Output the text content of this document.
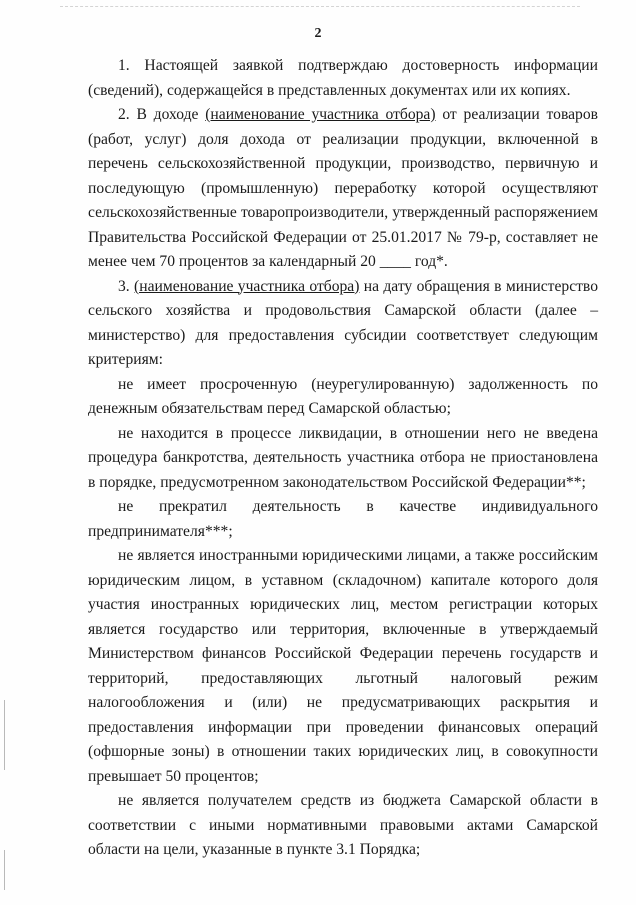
2

1. Настоящей заявкой подтверждаю достоверность информации (сведений), содержащейся в представленных документах или их копиях.

2. В доходе (наименование участника отбора) от реализации товаров (работ, услуг) доля дохода от реализации продукции, включенной в перечень сельскохозяйственной продукции, производство, первичную и последующую (промышленную) переработку которой осуществляют сельскохозяйственные товаропроизводители, утвержденный распоряжением Правительства Российской Федерации от 25.01.2017 № 79-р, составляет не менее чем 70 процентов за календарный 20 ____ год*.

3. (наименование участника отбора) на дату обращения в министерство сельского хозяйства и продовольствия Самарской области (далее – министерство) для предоставления субсидии соответствует следующим критериям:

не имеет просроченную (неурегулированную) задолженность по денежным обязательствам перед Самарской областью;

не находится в процессе ликвидации, в отношении него не введена процедура банкротства, деятельность участника отбора не приостановлена в порядке, предусмотренном законодательством Российской Федерации**;

не прекратил деятельность в качестве индивидуального предпринимателя***;

не является иностранными юридическими лицами, а также российским юридическим лицом, в уставном (складочном) капитале которого доля участия иностранных юридических лиц, местом регистрации которых является государство или территория, включенные в утверждаемый Министерством финансов Российской Федерации перечень государств и территорий, предоставляющих льготный налоговый режим налогообложения и (или) не предусматривающих раскрытия и предоставления информации при проведении финансовых операций (офшорные зоны) в отношении таких юридических лиц, в совокупности превышает 50 процентов;

не является получателем средств из бюджета Самарской области в соответствии с иными нормативными правовыми актами Самарской области на цели, указанные в пункте 3.1 Порядка;
